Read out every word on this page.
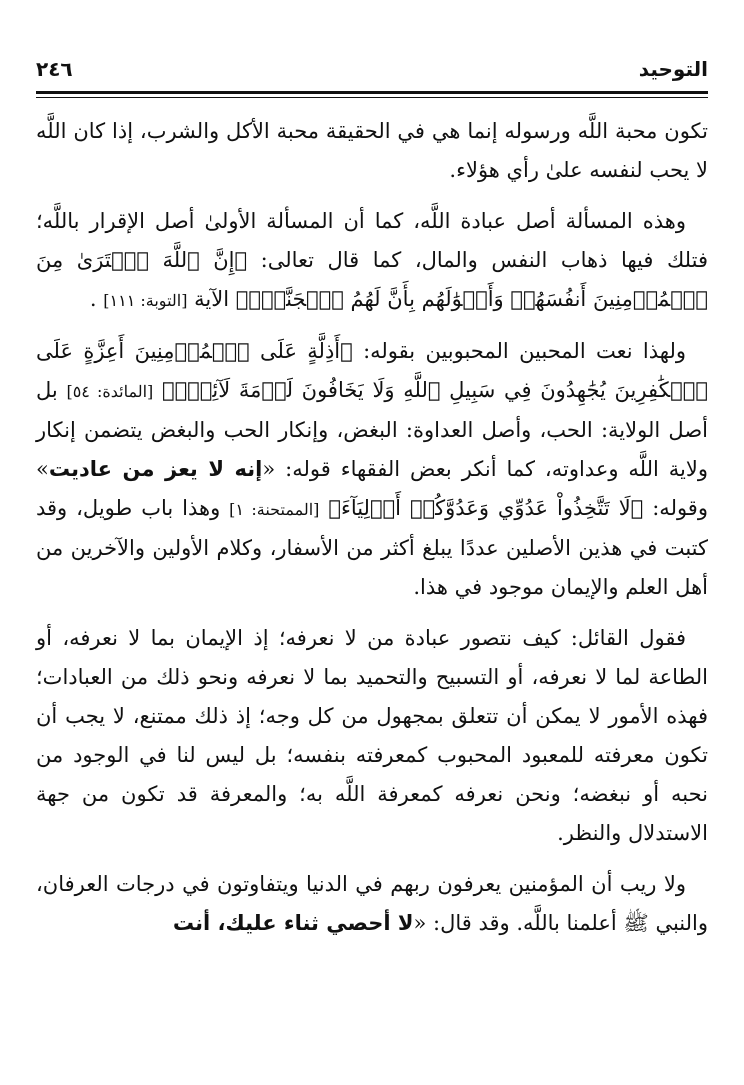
٢٤٦	التوحيد

تكون محبة اللَّه ورسوله إنما هي في الحقيقة محبة الأكل والشرب، إذا كان اللَّه لا يحب لنفسه علىٰ رأي هؤلاء.

وهذه المسألة أصل عبادة اللَّه، كما أن المسألة الأولىٰ أصل الإقرار باللَّه؛ فتلك فيها ذهاب النفس والمال، كما قال تعالى: ﴿إِنَّ ٱللَّهَ ٱشۡتَرَىٰ مِنَ ٱلۡمُؤۡمِنِينَ أَنفُسَهُمۡ وَأَمۡوَٰلَهُم بِأَنَّ لَهُمُ ٱلۡجَنَّةَۚ﴾ الآية [التوبة: ١١١] .

ولهذا نعت المحبين المحبوبين بقوله: ﴿أَذِلَّةٍ عَلَى ٱلۡمُؤۡمِنِينَ أَعِزَّةٍ عَلَى ٱلۡكَٰفِرِينَ يُجَٰهِدُونَ فِي سَبِيلِ ٱللَّهِ وَلَا يَخَافُونَ لَوۡمَةَ لَآئِمٖۚ﴾ [المائدة: ٥٤] بل أصل الولاية: الحب، وأصل العداوة: البغض، وإنكار الحب والبغض يتضمن إنكار ولاية اللَّه وعداوته، كما أنكر بعض الفقهاء قوله: «إنه لا يعز من عاديت» وقوله: ﴿لَا تَتَّخِذُواْ عَدُوِّي وَعَدُوَّكُمۡ أَوۡلِيَآءَ﴾ [الممتحنة: ١] وهذا باب طويل، وقد كتبت في هذين الأصلين عددًا يبلغ أكثر من الأسفار، وكلام الأولين والآخرين من أهل العلم والإيمان موجود في هذا.

فقول القائل: كيف نتصور عبادة من لا نعرفه؛ إذ الإيمان بما لا نعرفه، أو الطاعة لما لا نعرفه، أو التسبيح والتحميد بما لا نعرفه ونحو ذلك من العبادات؛ فهذه الأمور لا يمكن أن تتعلق بمجهول من كل وجه؛ إذ ذلك ممتنع، لا يجب أن تكون معرفته للمعبود المحبوب كمعرفته بنفسه؛ بل ليس لنا في الوجود من نحبه أو نبغضه؛ ونحن نعرفه كمعرفة اللَّه به؛ والمعرفة قد تكون من جهة الاستدلال والنظر.

ولا ريب أن المؤمنين يعرفون ربهم في الدنيا ويتفاوتون في درجات العرفان، والنبي ﷺ أعلمنا باللَّه. وقد قال: «لا أحصي ثناء عليك، أنت
